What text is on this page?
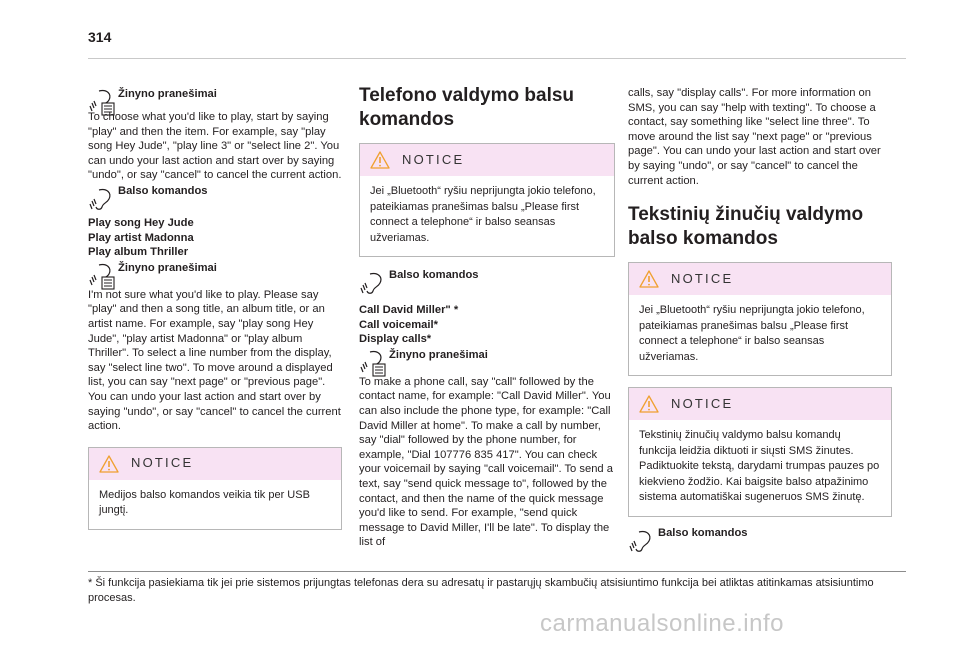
314
Žinyno pranešimai

To choose what you'd like to play, start by saying "play" and then the item. For example, say "play song Hey Jude", "play line 3" or "select line 2". You can undo your last action and start over by saying "undo", or say "cancel" to cancel the current action.

Balso komandos

Play song Hey Jude

Play artist Madonna

Play album Thriller

Žinyno pranešimai

I'm not sure what you'd like to play. Please say "play" and then a song title, an album title, or an artist name. For example, say "play song Hey Jude", "play artist Madonna" or "play album Thriller". To select a line number from the display, say "select line two". To move around a displayed list, you can say "next page" or "previous page". You can undo your last action and start over by saying "undo", or say "cancel" to cancel the current action.

NOTICE
Medijos balso komandos veikia tik per USB jungtį.
Telefono valdymo balsu komandos
NOTICE
Jei „Bluetooth“ ryšiu neprijungta jokio telefono, pateikiamas pranešimas balsu „Please first connect a telephone“ ir balso seansas užveriamas.
Balso komandos

Call David Miller" *

Call voicemail*

Display calls*

Žinyno pranešimai

To make a phone call, say "call" followed by the contact name, for example: "Call David Miller". You can also include the phone type, for example: "Call David Miller at home". To make a call by number, say "dial" followed by the phone number, for example, "Dial 107776 835 417". You can check your voicemail by saying "call voicemail". To send a text, say "send quick message to", followed by the contact, and then the name of the quick message you'd like to send. For example, "send quick message to David Miller, I'll be late". To display the list of

calls, say "display calls". For more information on SMS, you can say "help with texting". To choose a contact, say something like "select line three". To move around the list say "next page" or "previous page". You can undo your last action and start over by saying "undo", or say "cancel" to cancel the current action.

Tekstinių žinučių valdymo balso komandos
NOTICE
Jei „Bluetooth“ ryšiu neprijungta jokio telefono, pateikiamas pranešimas balsu „Please first connect a telephone“ ir balso seansas užveriamas.
NOTICE
Tekstinių žinučių valdymo balsu komandų funkcija leidžia diktuoti ir siųsti SMS žinutes. Padiktuokite tekstą, darydami trumpas pauzes po kiekvieno žodžio. Kai baigsite balso atpažinimo sistema automatiškai sugeneruos SMS žinutę.
Balso komandos
* Ši funkcija pasiekiama tik jei prie sistemos prijungtas telefonas dera su adresatų ir pastarųjų skambučių atsisiuntimo funkcija bei atliktas atitinkamas atsisiuntimo procesas.
carmanualsonline.info
